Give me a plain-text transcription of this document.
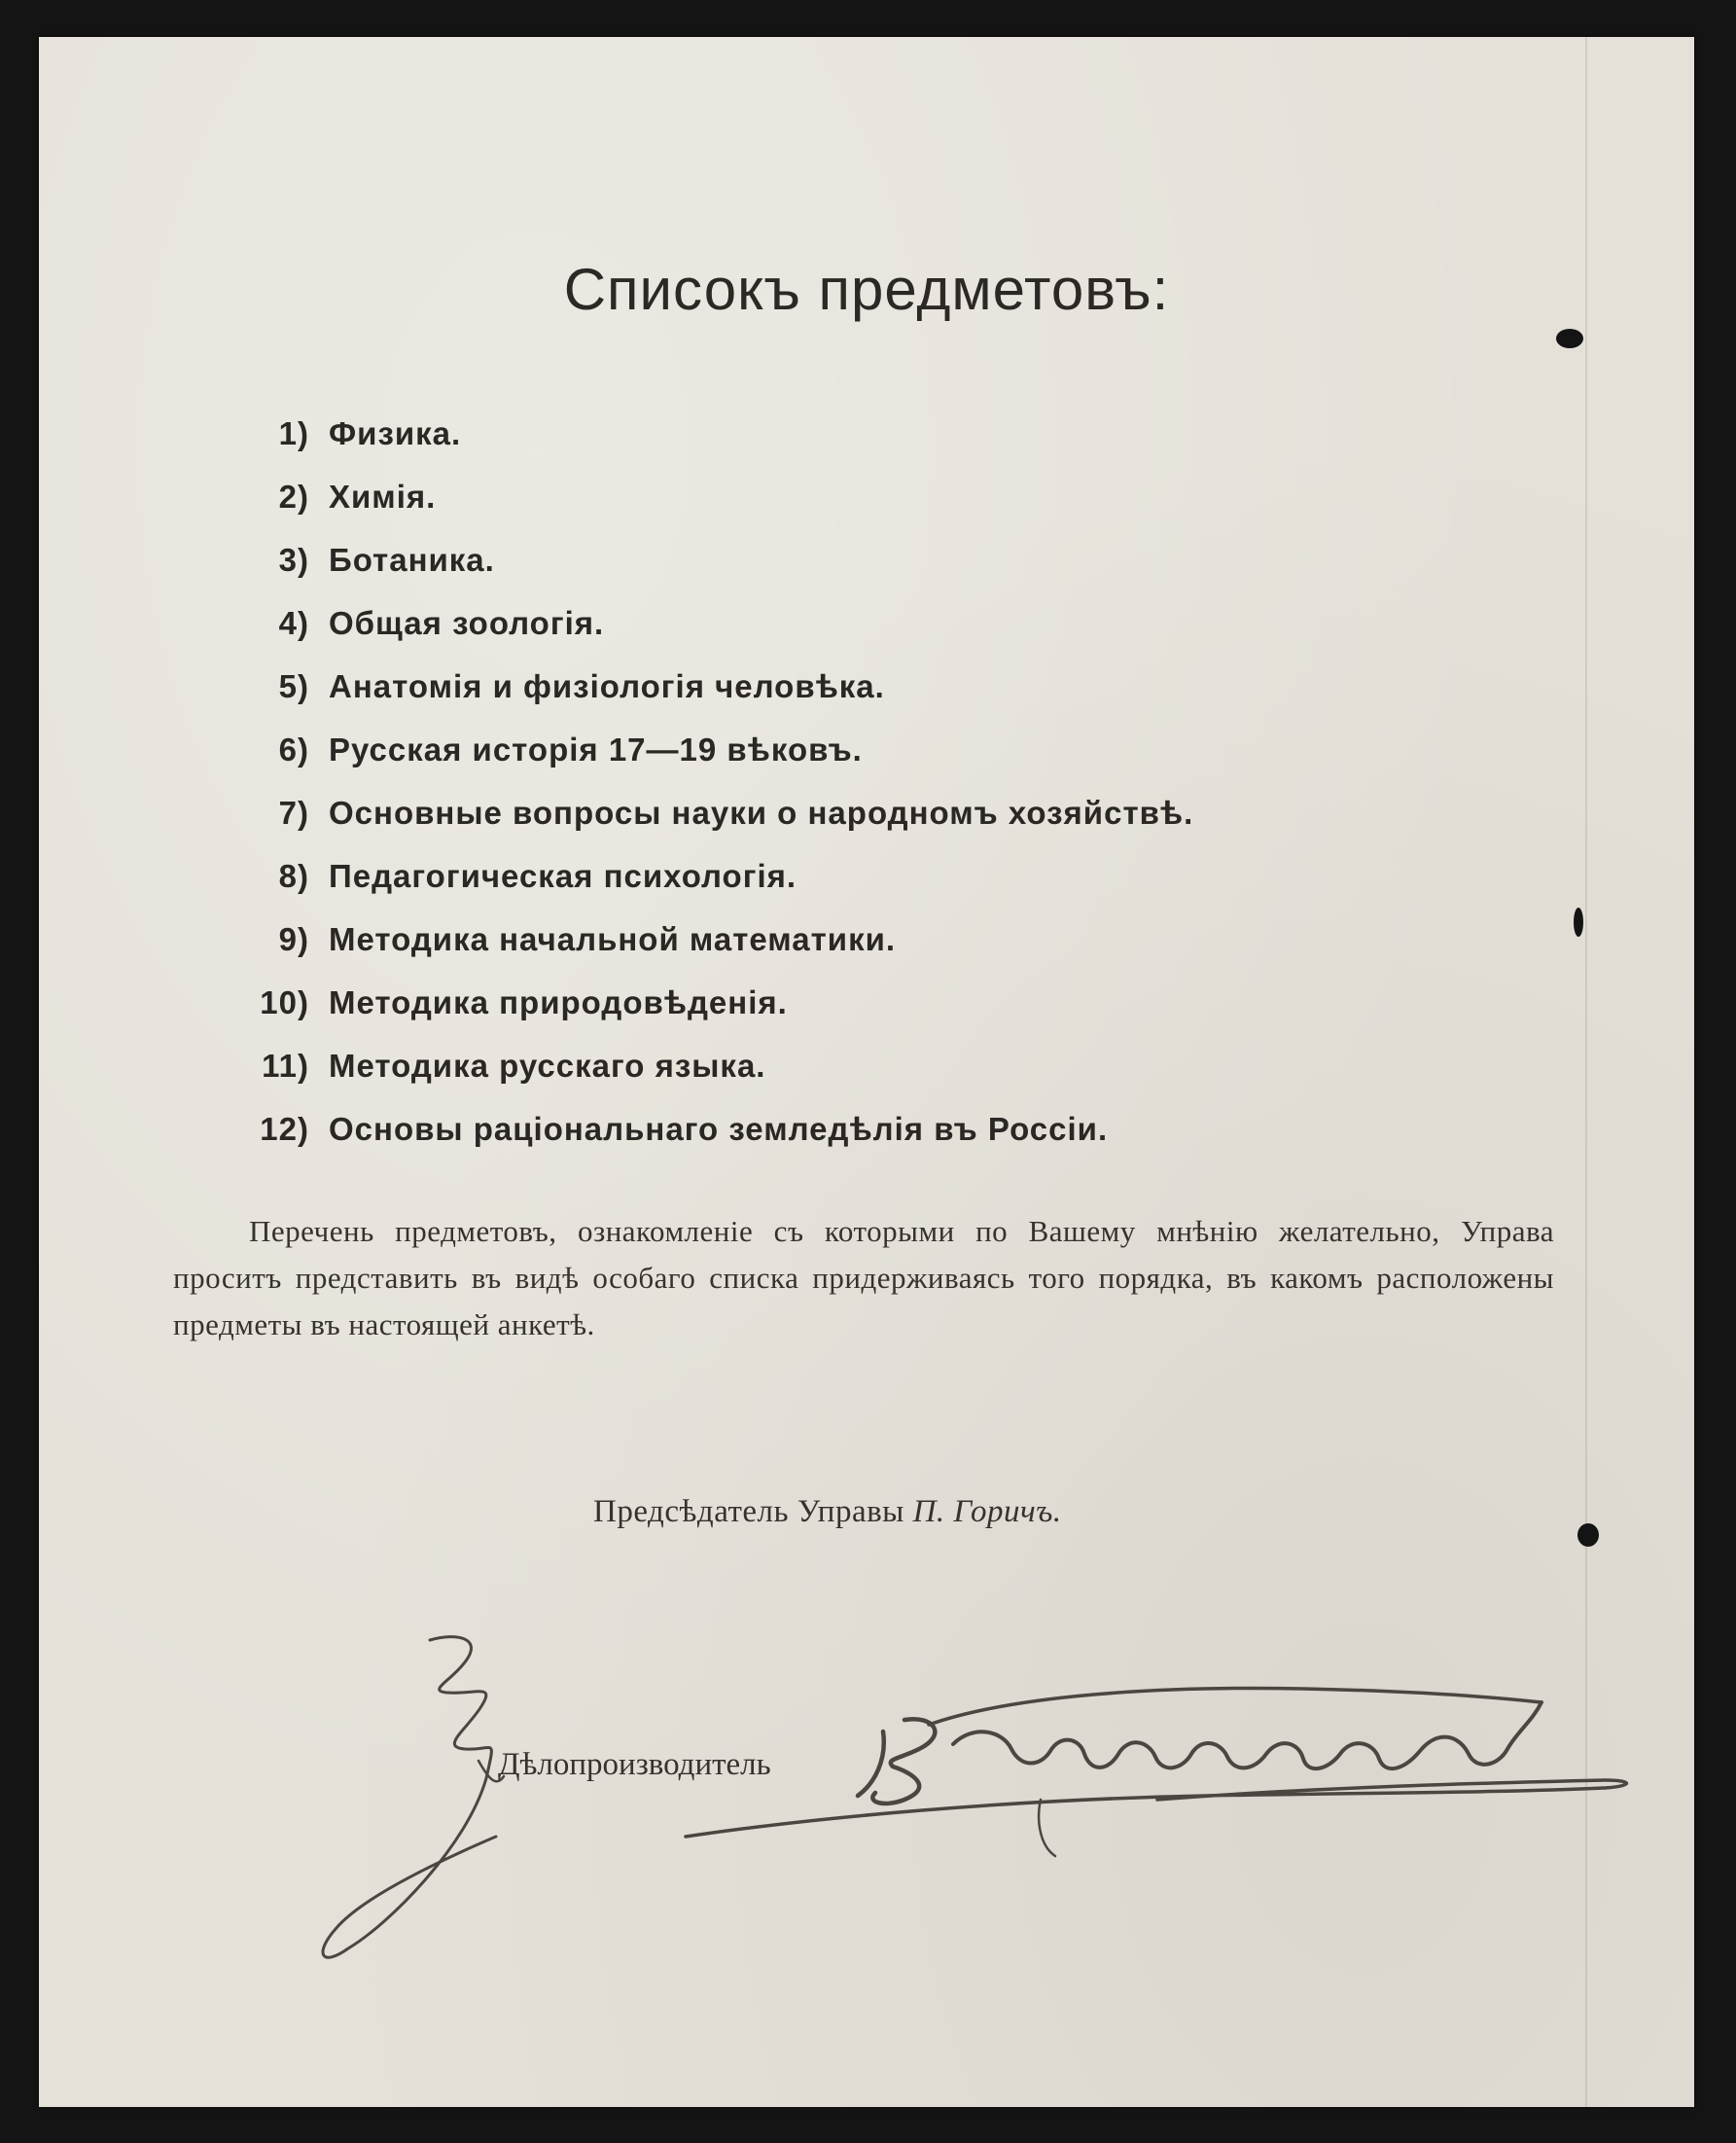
Списокъ предметовъ:
1) Физика.
2) Химія.
3) Ботаника.
4) Общая зоологія.
5) Анатомія и физіологія человѣка.
6) Русская исторія 17—19 вѣковъ.
7) Основные вопросы науки о народномъ хозяйствѣ.
8) Педагогическая психологія.
9) Методика начальной математики.
10) Методика природовѣденія.
11) Методика русскаго языка.
12) Основы раціональнаго земледѣлія въ Россіи.

Перечень предметовъ, ознакомленіе съ которыми по Вашему мнѣнію желательно, Управа проситъ представить въ видѣ особаго списка придерживаясь того порядка, въ какомъ расположены предметы въ настоящей анкетѣ.

Предсѣдатель Управы П. Горичъ.
Дѣлопроизводитель
